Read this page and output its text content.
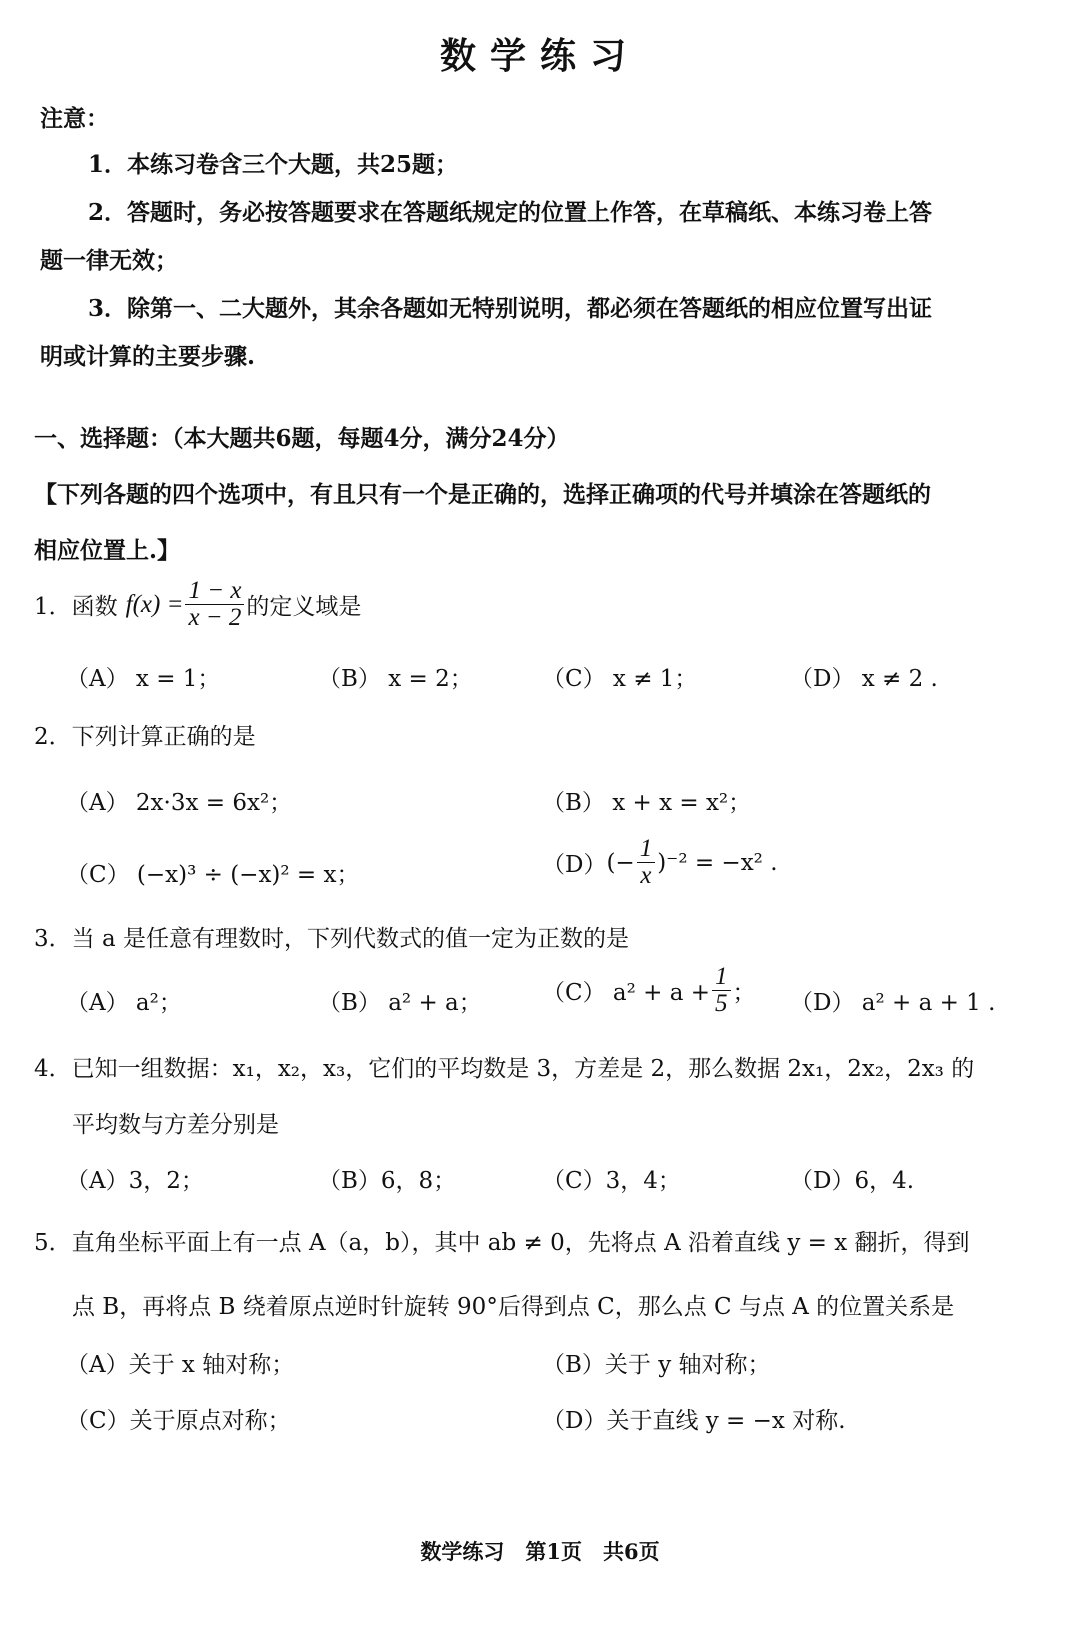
数学练习
注意：
1．本练习卷含三个大题，共25题；
2．答题时，务必按答题要求在答题纸规定的位置上作答，在草稿纸、本练习卷上答
题一律无效；
3．除第一、二大题外，其余各题如无特别说明，都必须在答题纸的相应位置写出证
明或计算的主要步骤.
一、选择题：（本大题共6题，每题4分，满分24分）
【下列各题的四个选项中，有且只有一个是正确的，选择正确项的代号并填涂在答题纸的
相应位置上.】
1． 函数 $f(x) = \frac{1 - x}{x - 2}$ 的定义域是
（A） x = 1；	（B） x = 2；	（C） x ≠ 1；	（D） x ≠ 2 .
2．下列计算正确的是
（A） 2x·3x = 6x²；	（B） x + x = x²；
（C） (−x)³ ÷ (−x)² = x；	（D） (− $\frac{1}{x} )^{-2} = -x^2$ .
3．当 a 是任意有理数时，下列代数式的值一定为正数的是
（A） a²；	（B） a² + a；	（C） $a^2 + a + \frac{1}{5}$ ； （D） a² + a + 1 .
4．已知一组数据：x₁，x₂，x₃，它们的平均数是 3，方差是 2，那么数据 2x₁，2x₂，2x₃ 的
平均数与方差分别是
（A）3，2；	（B）6，8；	（C）3，4；	（D）6，4.
5．直角坐标平面上有一点 A（a，b），其中 ab ≠ 0，先将点 A 沿着直线 y = x 翻折，得到
点 B，再将点 B 绕着原点逆时针旋转 90°后得到点 C，那么点 C 与点 A 的位置关系是
（A）关于 x 轴对称；	（B）关于 y 轴对称；
（C）关于原点对称；	（D）关于直线 y = −x 对称.
数学练习　第1页　共6页
